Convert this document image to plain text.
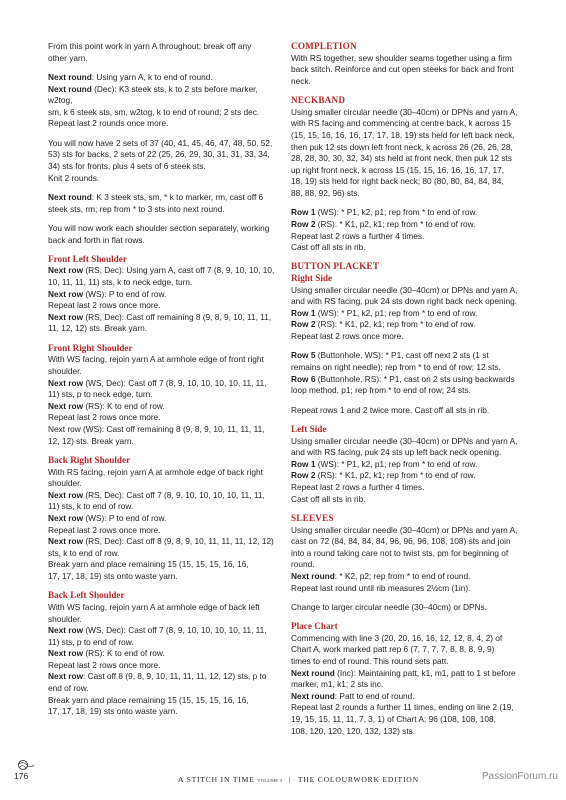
From this point work in yarn A throughout; break off any
other yarn.
Next round: Using yarn A, k to end of round.
Next round (Dec): K3 steek sts, k to 2 sts before marker, w2tog,
sm, k 6 steek sts, sm, w2tog, k to end of round; 2 sts dec.
Repeat last 2 rounds once more.
You will now have 2 sets of 37 (40, 41, 45, 46, 47, 48, 50, 52,
53) sts for backs, 2 sets of 22 (25, 26, 29, 30, 31, 31, 33, 34,
34) sts for fronts, plus 4 sets of 6 steek sts.
Knit 2 rounds.
Next round: K 3 steek sts, sm, * k to marker, rm, cast off 6
steek sts, rm; rep from * to 3 sts into next round.
You will now work each shoulder section separately, working
back and forth in flat rows.
Front Left Shoulder
Next row (RS, Dec): Using yarn A, cast off 7 (8, 9, 10, 10, 10,
10, 11, 11, 11) sts, k to neck edge, turn.
Next row (WS): P to end of row.
Repeat last 2 rows once more.
Next row (RS, Dec): Cast off remaining 8 (9, 8, 9, 10, 11, 11,
11, 12, 12) sts. Break yarn.
Front Right Shoulder
With WS facing, rejoin yarn A at armhole edge of front right
shoulder.
Next row (WS, Dec): Cast off 7 (8, 9, 10, 10, 10, 10, 11, 11,
11) sts, p to neck edge, turn.
Next row (RS): K to end of row.
Repeat last 2 rows once more.
Next row (WS): Cast off remaining 8 (9, 8, 9, 10, 11, 11, 11,
12, 12) sts. Break yarn.
Back Right Shoulder
With RS facing, rejoin yarn A at armhole edge of back right
shoulder.
Next row (RS, Dec): Cast off 7 (8, 9, 10, 10, 10, 10, 11, 11,
11) sts, k to end of row.
Next row (WS): P to end of row.
Repeat last 2 rows once more.
Next row (RS, Dec): Cast off 8 (9, 8, 9, 10, 11, 11, 11, 12, 12)
sts, k to end of row.
Break yarn and place remaining 15 (15, 15, 15, 16, 16,
17, 17, 18, 19) sts onto waste yarn.
Back Left Shoulder
With WS facing, rejoin yarn A at armhole edge of back left
shoulder.
Next row (WS, Dec): Cast off 7 (8, 9, 10, 10, 10, 10, 11, 11,
11) sts, p to end of row.
Next row (RS): K to end of row.
Repeat last 2 rows once more.
Next row: Cast off 8 (9, 8, 9, 10, 11, 11, 11, 12, 12) sts, p to
end of row.
Break yarn and place remaining 15 (15, 15, 15, 16, 16,
17, 17, 18, 19) sts onto waste yarn.
COMPLETION
With RS together, sew shoulder seams together using a firm
back stitch. Reinforce and cut open steeks for back and front
neck.
NECKBAND
Using smaller circular needle (30–40cm) or DPNs and yarn A,
with RS facing and commencing at centre back, k across 15
(15, 15, 16, 16, 16, 17, 17, 18, 19) sts held for left back neck,
then puk 12 sts down left front neck, k across 26 (26, 26, 28,
28, 28, 30, 30, 32, 34) sts held at front neck, then puk 12 sts
up right front neck, k across 15 (15, 15, 16, 16, 16, 17, 17,
18, 19) sts held for right back neck; 80 (80, 80, 84, 84, 84,
88, 88, 92, 96) sts.
Row 1 (WS): * P1, k2, p1; rep from * to end of row.
Row 2 (RS): * K1, p2, k1; rep from * to end of row.
Repeat last 2 rows a further 4 times.
Cast off all sts in rib.
BUTTON PLACKET
Right Side
Using smaller circular needle (30–40cm) or DPNs and yarn A,
and with RS facing, puk 24 sts down right back neck opening.
Row 1 (WS): * P1, k2, p1; rep from * to end of row.
Row 2 (RS): * K1, p2, k1; rep from * to end of row.
Repeat last 2 rows once more.
Row 5 (Buttonhole, WS): * P1, cast off next 2 sts (1 st
remains on right needle); rep from * to end of row; 12 sts.
Row 6 (Buttonhole, RS): * P1, cast on 2 sts using backwards
loop method, p1; rep from * to end of row; 24 sts.
Repeat rows 1 and 2 twice more. Cast off all sts in rib.
Left Side
Using smaller circular needle (30–40cm) or DPNs and yarn A,
and with RS facing, puk 24 sts up left back neck opening.
Row 1 (WS): * P1, k2, p1; rep from * to end of row.
Row 2 (RS): * K1, p2, k1; rep from * to end of row.
Repeat last 2 rows a further 4 times.
Cast off all sts in rib.
SLEEVES
Using smaller circular needle (30–40cm) or DPNs and yarn A,
cast on 72 (84, 84, 84, 84, 96, 96, 96, 108, 108) sts and join
into a round taking care not to twist sts, pm for beginning of
round.
Next round: * K2, p2; rep from * to end of round.
Repeat last round until rib measures 2½cm (1in).
Change to larger circular needle (30–40cm) or DPNs.
Place Chart
Commencing with line 3 (20, 20, 16, 16, 12, 12, 8, 4, 2) of
Chart A, work marked patt rep 6 (7, 7, 7, 7, 8, 8, 8, 9, 9)
times to end of round. This round sets patt.
Next round (Inc): Maintaining patt, k1, m1, patt to 1 st before
marker, m1, k1; 2 sts inc.
Next round: Patt to end of round.
Repeat last 2 rounds a further 11 times, ending on line 2 (19,
19, 15, 15, 11, 11, 7, 3, 1) of Chart A; 96 (108, 108, 108,
108, 120, 120, 120, 132, 132) sts.
176	A STITCH IN TIME VOLUME 3 | THE COLOURWORK EDITION	PassionForum.ru
